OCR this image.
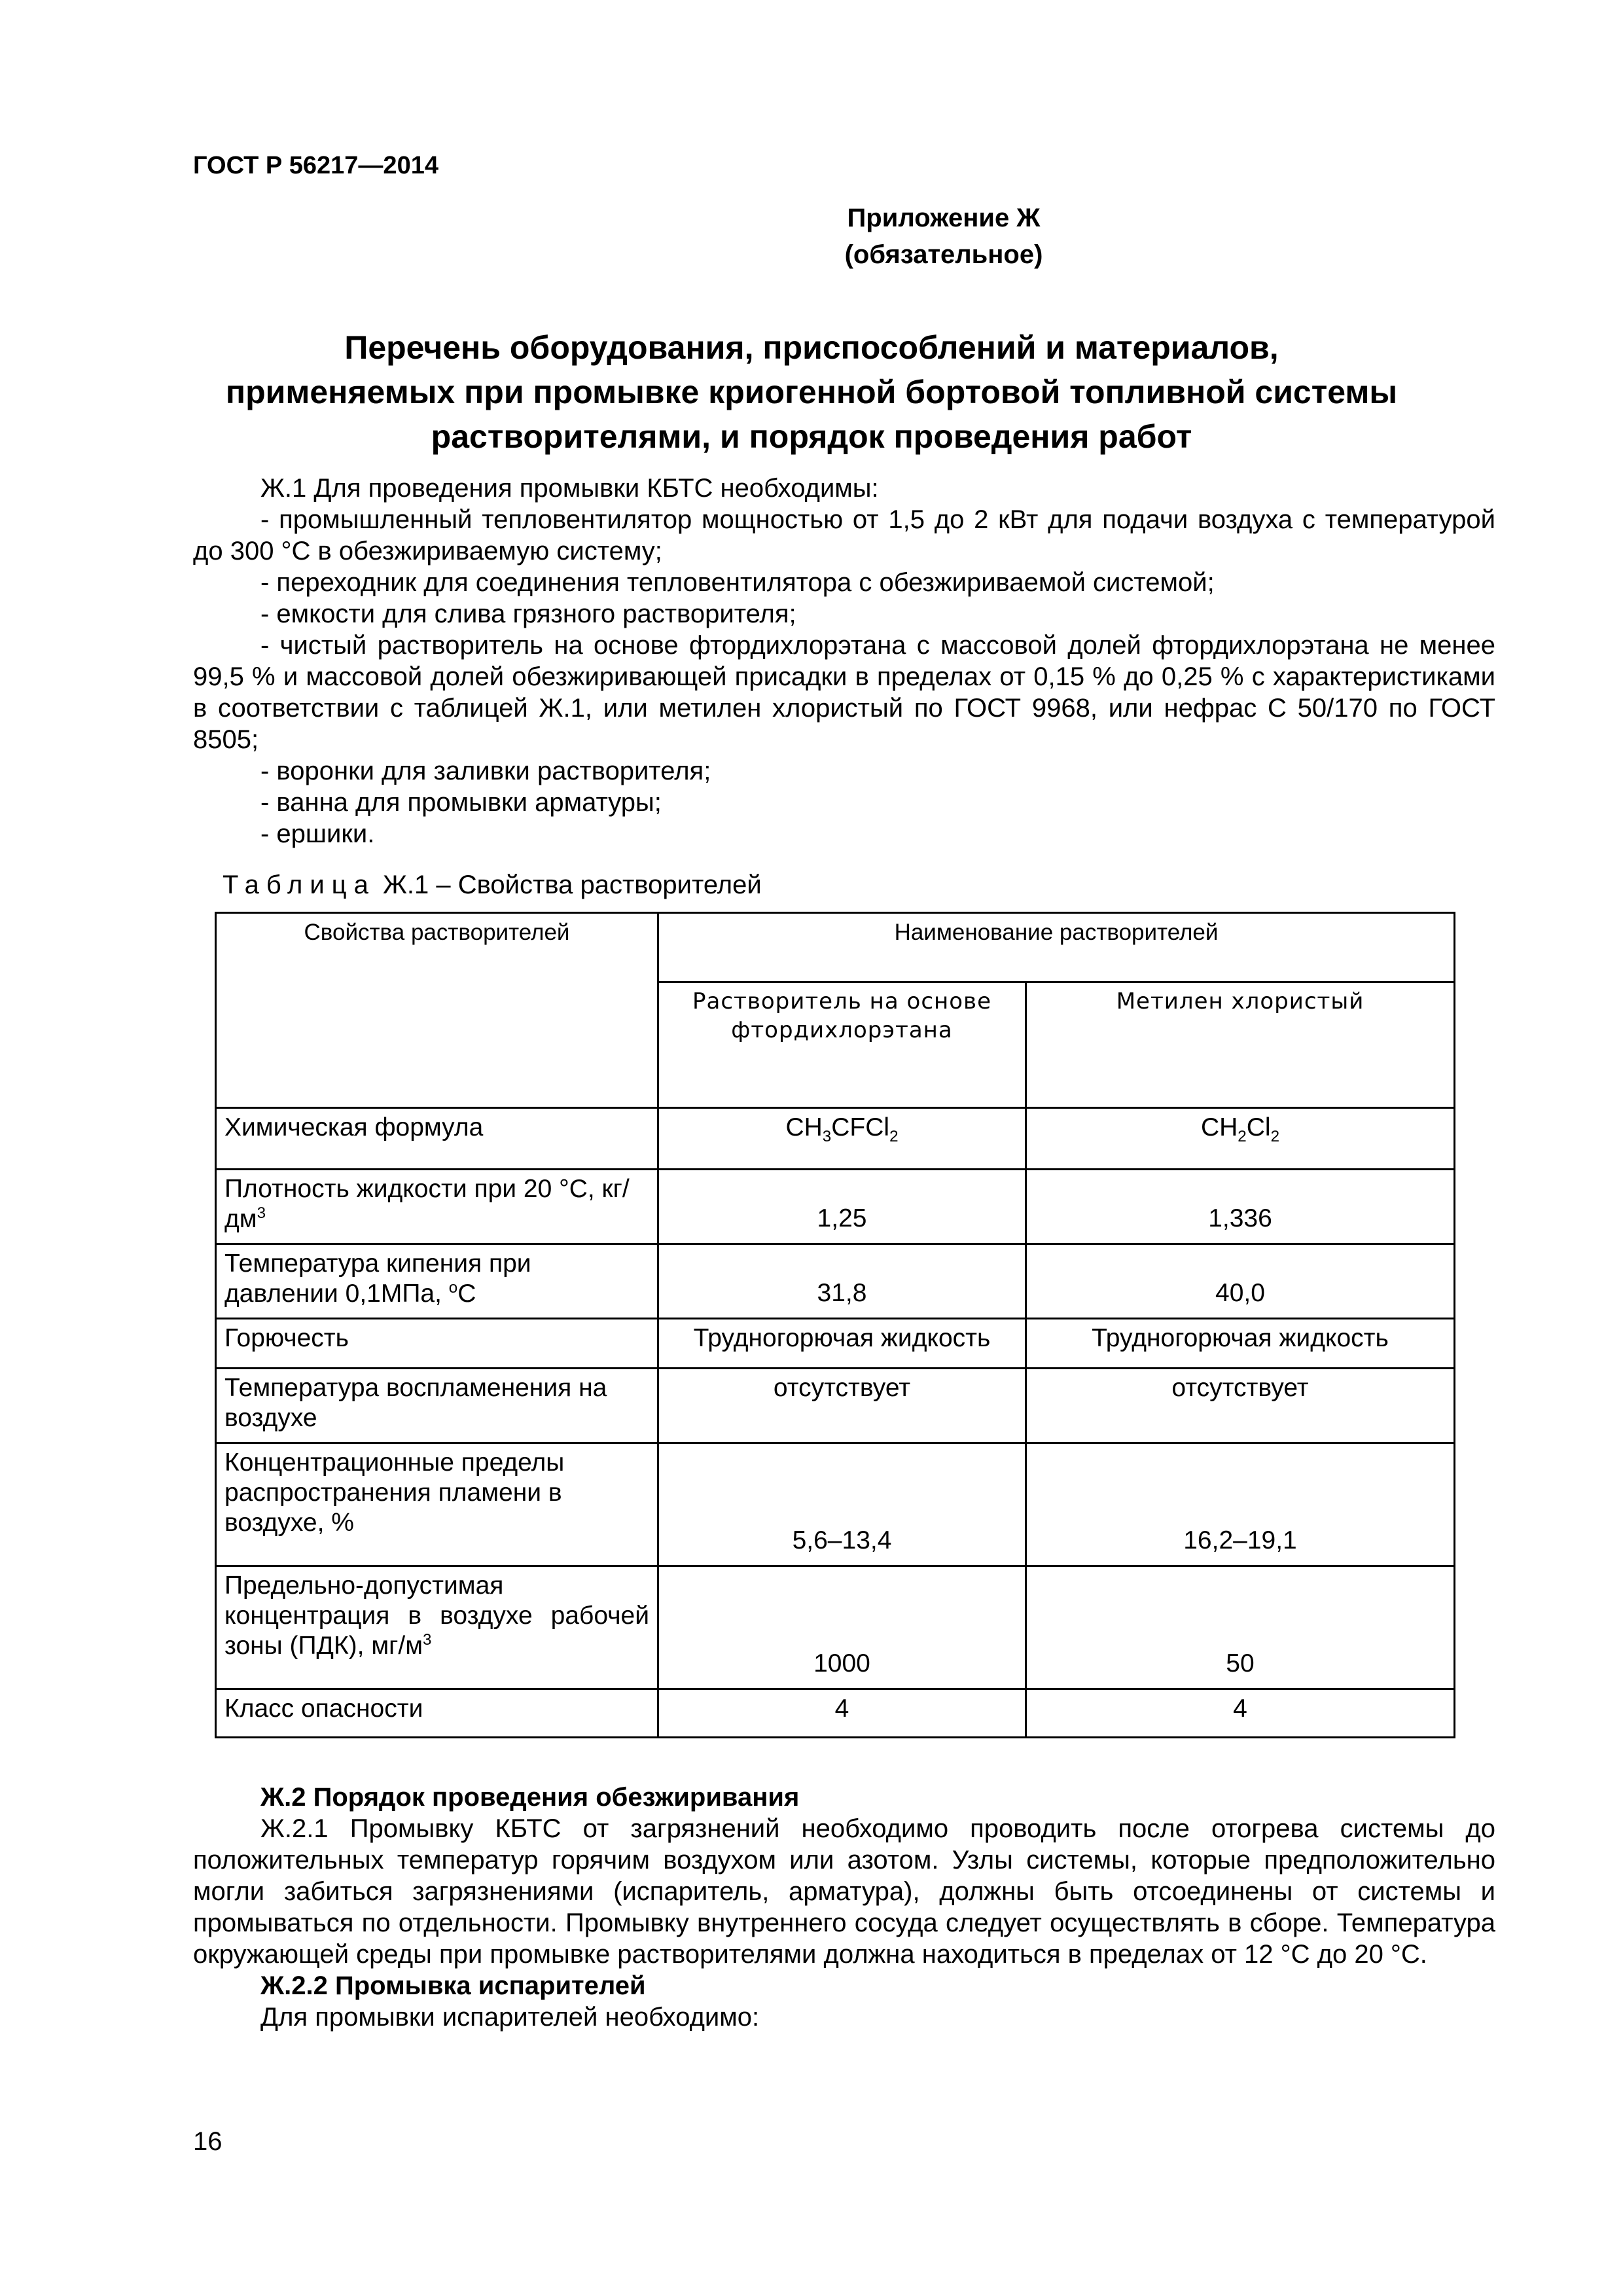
ГОСТ Р 56217—2014
Приложение Ж
(обязательное)
Перечень оборудования, приспособлений и материалов,
применяемых при промывке криогенной бортовой топливной системы
растворителями, и порядок проведения работ

Ж.1 Для проведения промывки КБТС необходимы:

- промышленный тепловентилятор мощностью от 1,5 до 2 кВт для подачи воздуха с температурой до 300 °С в обезжириваемую систему;

- переходник для соединения тепловентилятора с обезжириваемой системой;

- емкости для слива грязного растворителя;

- чистый растворитель на основе фтордихлорэтана с массовой долей фтордихлорэтана не менее 99,5 % и массовой долей обезжиривающей присадки в пределах от 0,15 % до 0,25 % с характеристиками в соответствии с таблицей Ж.1, или метилен хлористый по ГОСТ 9968, или нефрас С 50/170 по ГОСТ 8505;

- воронки для заливки растворителя;

- ванна для промывки арматуры;

- ершики.

Таблица Ж.1 – Свойства растворителей
Свойства растворителей	Наименование растворителей	
	Растворитель на основе фтордихлорэтана	Метилен хлористый
Химическая формула	$CH_3CFCl_2$	$CH_2Cl_2$
Плотность жидкости при 20 °С, $кг/дм^3$	1,25	1,336
Температура кипения при
давлении 0,1МПа, $^о$С	31,8	40,0
Горючесть	Трудногорючая жидкость	Трудногорючая жидкость
Температура воспламенения на воздухе	отсутствует	отсутствует
Концентрационные пределы распространения пламени в воздухе, %	5,6–13,4	16,2–19,1
Предельно-допустимая концентрация в воздухе рабочей зоны (ПДК), $мг/м^3$	1000	50
Класс опасности	4	4

Ж.2 Порядок проведения обезжиривания

Ж.2.1 Промывку КБТС от загрязнений необходимо проводить после отогрева системы до положительных температур горячим воздухом или азотом. Узлы системы, которые предположительно могли забиться загрязнениями (испаритель, арматура), должны быть отсоединены от системы и промываться по отдельности. Промывку внутреннего сосуда следует осуществлять в сборе. Температура окружающей среды при промывке растворителями должна находиться в пределах от 12 °С до 20 °С.

Ж.2.2 Промывка испарителей

Для промывки испарителей необходимо:

16
